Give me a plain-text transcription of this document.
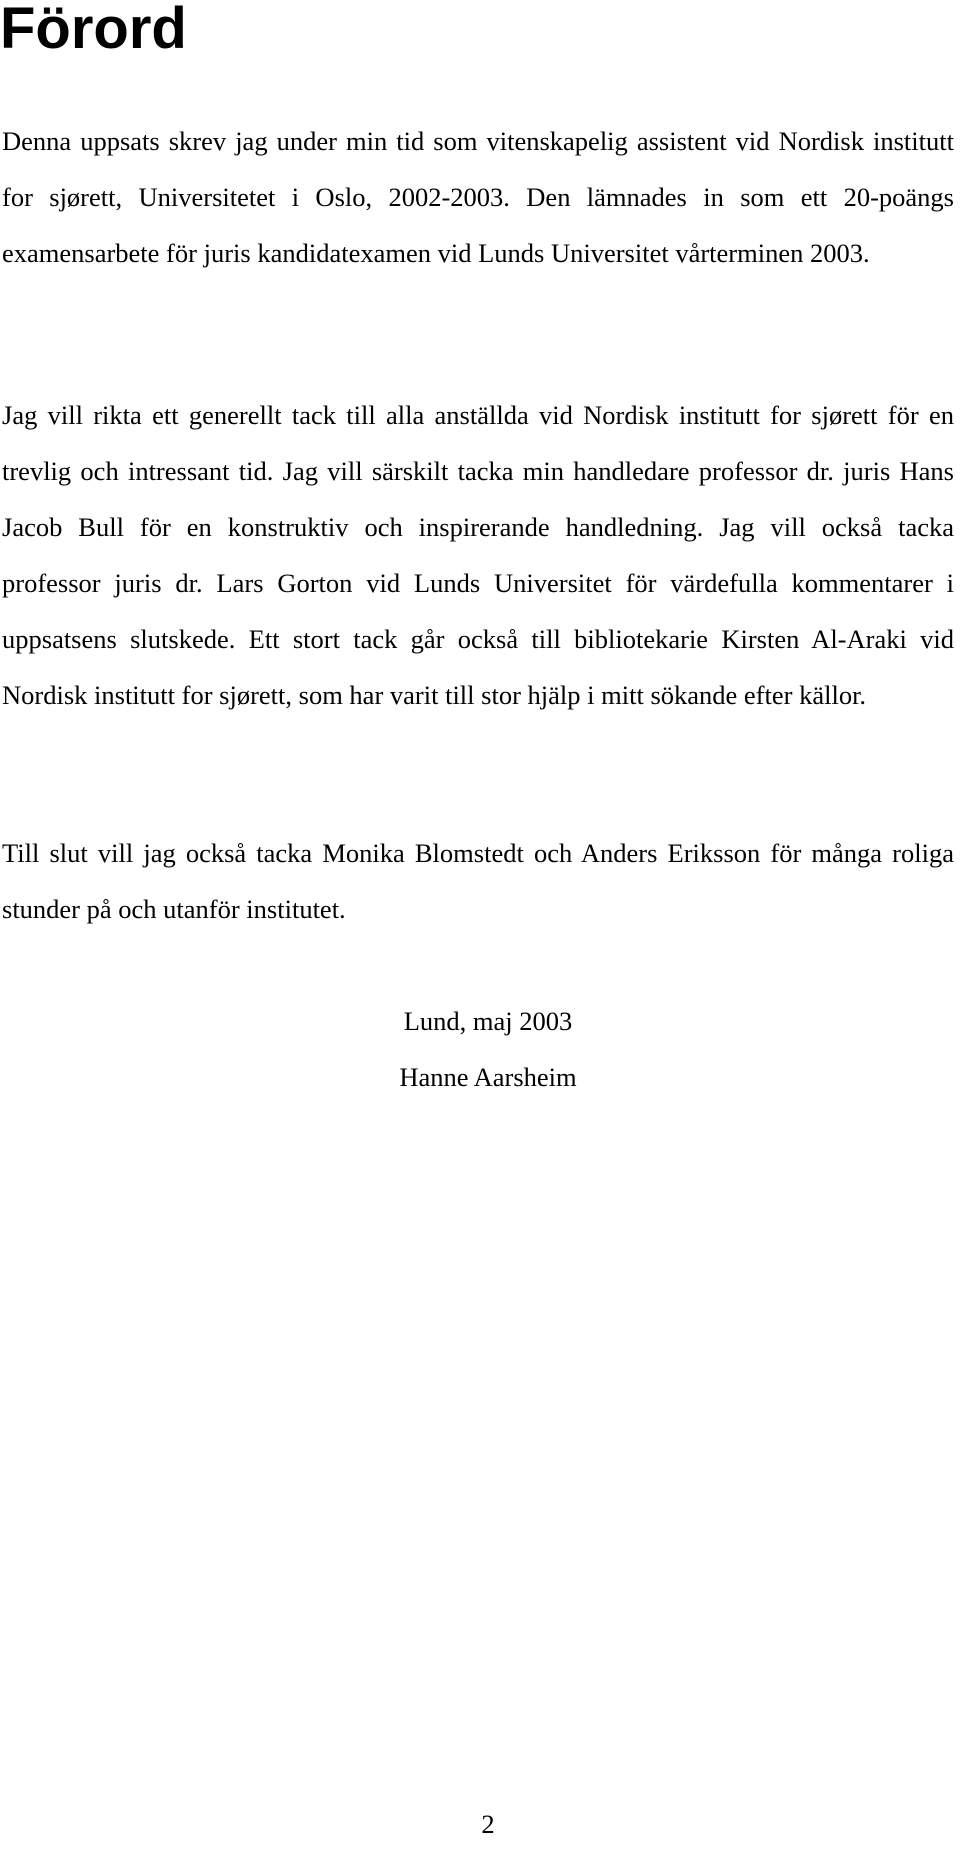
Förord

Denna uppsats skrev jag under min tid som vitenskapelig assistent vid Nordisk institutt for sjørett, Universitetet i Oslo, 2002-2003. Den lämnades in som ett 20-poängs examensarbete för juris kandidatexamen vid Lunds Universitet vårterminen 2003.

Jag vill rikta ett generellt tack till alla anställda vid Nordisk institutt for sjørett för en trevlig och intressant tid. Jag vill särskilt tacka min handledare professor dr. juris Hans Jacob Bull för en konstruktiv och inspirerande handledning. Jag vill också tacka professor juris dr. Lars Gorton vid Lunds Universitet för värdefulla kommentarer i uppsatsens slutskede. Ett stort tack går också till bibliotekarie Kirsten Al-Araki vid Nordisk institutt for sjørett, som har varit till stor hjälp i mitt sökande efter källor.

Till slut vill jag också tacka Monika Blomstedt och Anders Eriksson för många roliga stunder på och utanför institutet.

Lund, maj 2003

Hanne Aarsheim

2
